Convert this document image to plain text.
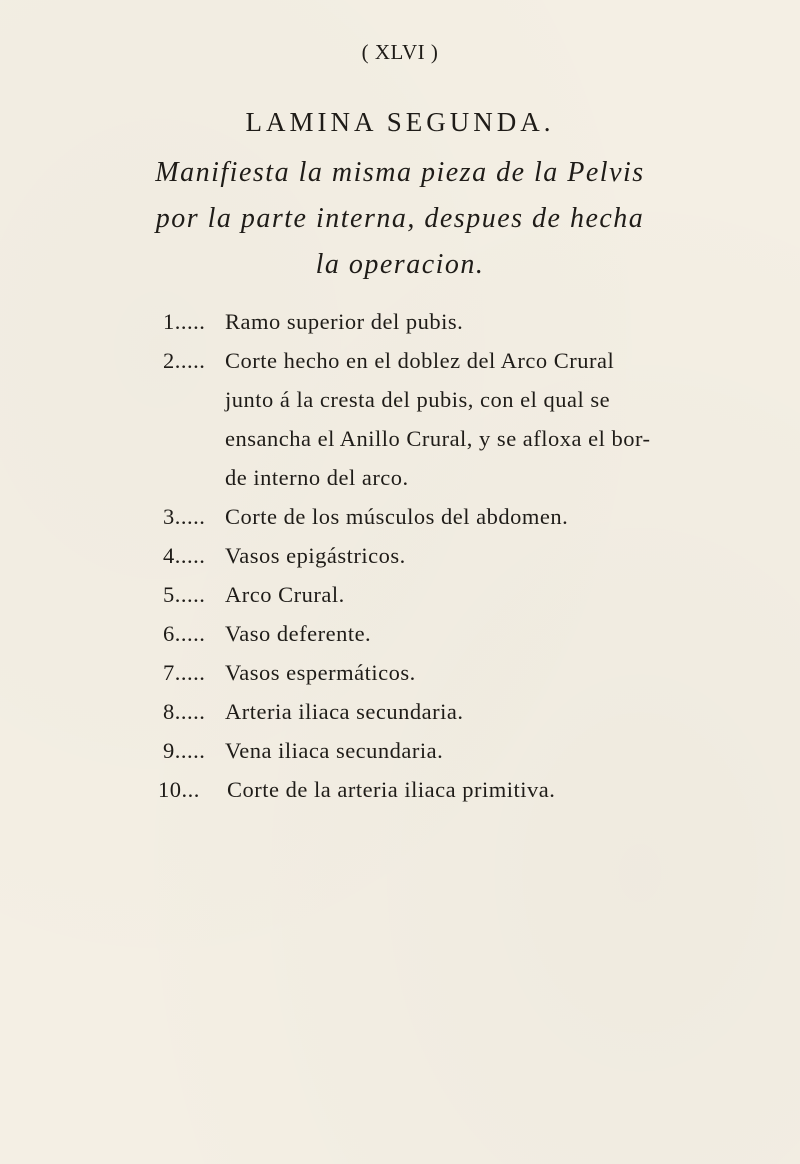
( XLVI )
LAMINA SEGUNDA.
Manifiesta la misma pieza de la Pelvis
por la parte interna, despues de hecha
la operacion.
1..... Ramo superior del pubis.
2..... Corte hecho en el doblez del Arco Crural
junto á la cresta del pubis, con el qual se
ensancha el Anillo Crural, y se afloxa el bor-
de interno del arco.
3..... Corte de los músculos del abdomen.
4..... Vasos epigástricos.
5..... Arco Crural.
6..... Vaso deferente.
7..... Vasos espermáticos.
8..... Arteria iliaca secundaria.
9..... Vena iliaca secundaria.
10...	Corte de la arteria iliaca primitiva.
